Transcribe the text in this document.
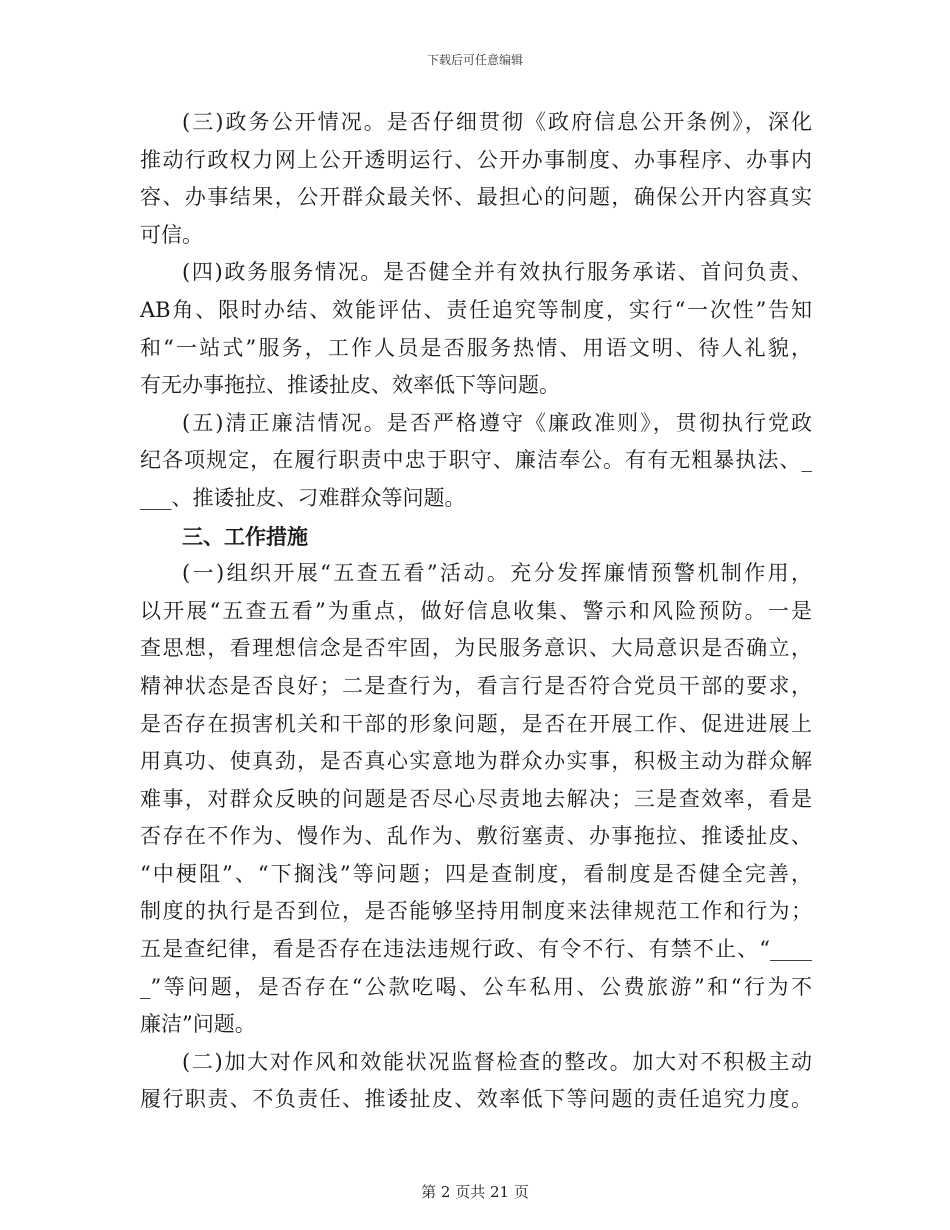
下载后可任意编辑
(三)政务公开情况。是否仔细贯彻《政府信息公开条例》，深化
推动行政权力网上公开透明运行、公开办事制度、办事程序、办事内
容、办事结果，公开群众最关怀、最担心的问题，确保公开内容真实
可信。
(四)政务服务情况。是否健全并有效执行服务承诺、首问负责、
AB角、限时办结、效能评估、责任追究等制度，实行“一次性”告知
和“一站式”服务，工作人员是否服务热情、用语文明、待人礼貌，
有无办事拖拉、推诿扯皮、效率低下等问题。
(五)清正廉洁情况。是否严格遵守《廉政准则》，贯彻执行党政
纪各项规定，在履行职责中忠于职守、廉洁奉公。有有无粗暴执法、_
___、推诿扯皮、刁难群众等问题。
三、工作措施
(一)组织开展“五查五看”活动。充分发挥廉情预警机制作用，
以开展“五查五看”为重点，做好信息收集、警示和风险预防。一是
查思想，看理想信念是否牢固，为民服务意识、大局意识是否确立，
精神状态是否良好；二是查行为，看言行是否符合党员干部的要求，
是否存在损害机关和干部的形象问题，是否在开展工作、促进进展上
用真功、使真劲，是否真心实意地为群众办实事，积极主动为群众解
难事，对群众反映的问题是否尽心尽责地去解决；三是查效率，看是
否存在不作为、慢作为、乱作为、敷衍塞责、办事拖拉、推诿扯皮、
“中梗阻”、“下搁浅”等问题；四是查制度，看制度是否健全完善，
制度的执行是否到位，是否能够坚持用制度来法律规范工作和行为；
五是查纪律，看是否存在违法违规行政、有令不行、有禁不止、“____
_”等问题，是否存在“公款吃喝、公车私用、公费旅游”和“行为不
廉洁”问题。
(二)加大对作风和效能状况监督检查的整改。加大对不积极主动
履行职责、不负责任、推诿扯皮、效率低下等问题的责任追究力度。
第 2 页共 21 页
